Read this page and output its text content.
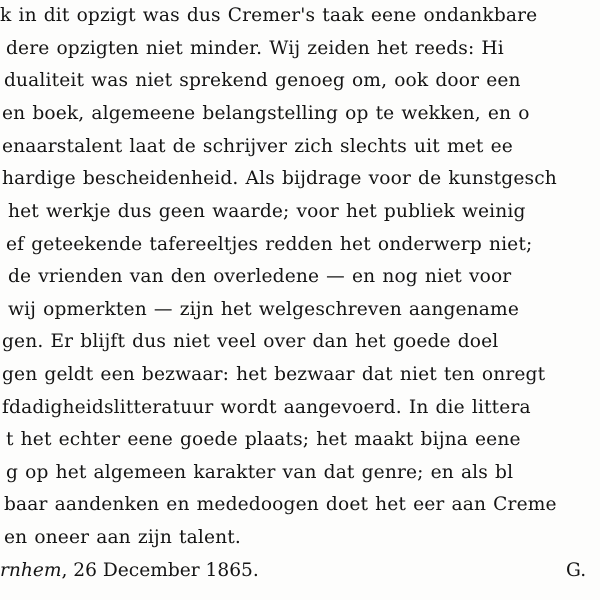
k in dit opzigt was dus Cremer's taak eene ondankbare
dere opzigten niet minder. Wij zeiden het reeds: Hi
dualiteit was niet sprekend genoeg om, ook door een
en boek, algemeene belangstelling op te wekken, en o
enaarstalent laat de schrijver zich slechts uit met ee
hardige bescheidenheid. Als bijdrage voor de kunstgesch
het werkje dus geen waarde; voor het publiek weinig
ef geteekende tafereeltjes redden het onderwerp niet;
de vrienden van den overledene — en nog niet voor
wij opmerkten — zijn het welgeschreven aangename
gen. Er blijft dus niet veel over dan het goede doel
gen geldt een bezwaar: het bezwaar dat niet ten onregt
fdadigheidslitteratuur wordt aangevoerd. In die littera
t het echter eene goede plaats; het maakt bijna eene
g op het algemeen karakter van dat genre; en als bl
baar aandenken en mededoogen doet het eer aan Creme
en oneer aan zijn talent.
rnhem, 26 December 1865.	G.
